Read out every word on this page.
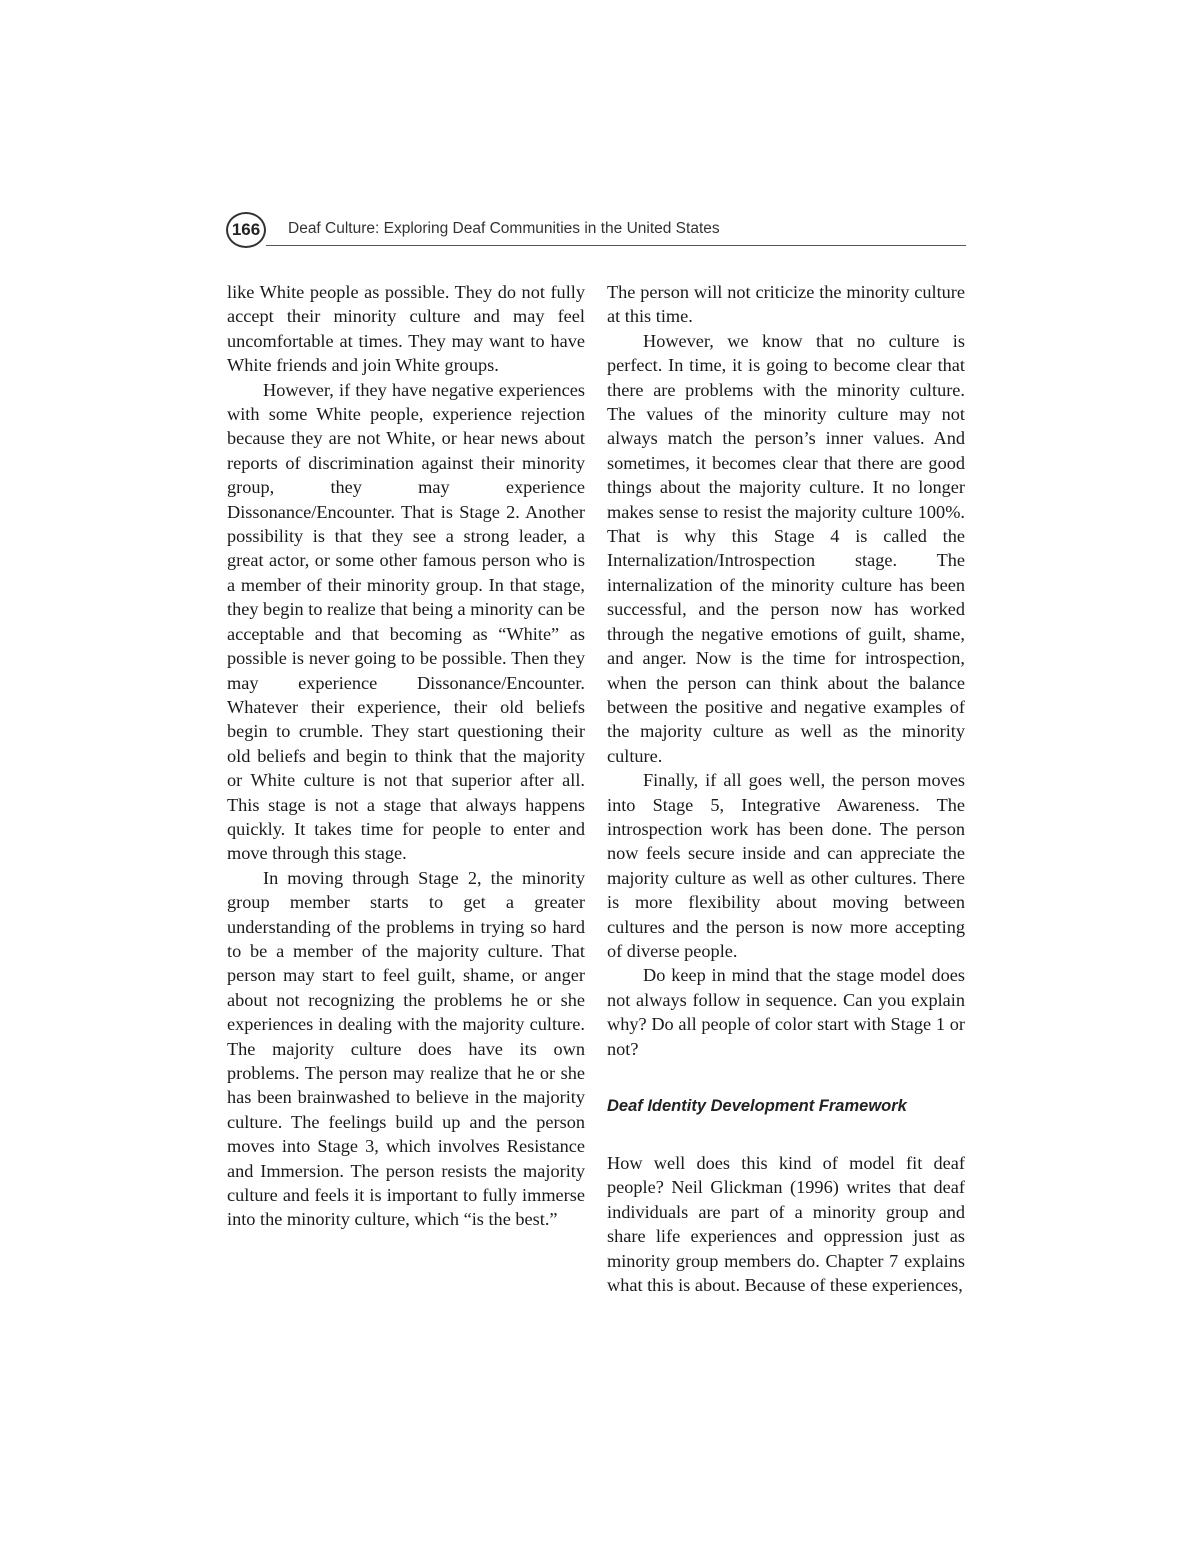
166	Deaf Culture: Exploring Deaf Communities in the United States

like White people as possible. They do not fully accept their minority culture and may feel uncomfortable at times. They may want to have White friends and join White groups.

However, if they have negative experiences with some White people, experience rejection because they are not White, or hear news about reports of discrimination against their minority group, they may experience Dissonance/Encounter. That is Stage 2. Another possibility is that they see a strong leader, a great actor, or some other famous person who is a member of their minority group. In that stage, they begin to realize that being a minority can be acceptable and that becoming as “White” as possible is never going to be possible. Then they may experience Dissonance/Encounter. Whatever their experience, their old beliefs begin to crumble. They start questioning their old beliefs and begin to think that the majority or White culture is not that superior after all. This stage is not a stage that always happens quickly. It takes time for people to enter and move through this stage.

In moving through Stage 2, the minority group member starts to get a greater understanding of the problems in trying so hard to be a member of the majority culture. That person may start to feel guilt, shame, or anger about not recognizing the problems he or she experiences in dealing with the majority culture. The majority culture does have its own problems. The person may realize that he or she has been brainwashed to believe in the majority culture. The feelings build up and the person moves into Stage 3, which involves Resistance and Immersion. The person resists the majority culture and feels it is important to fully immerse into the minority culture, which “is the best.”

The person will not criticize the minority culture at this time.

However, we know that no culture is perfect. In time, it is going to become clear that there are problems with the minority culture. The values of the minority culture may not always match the person’s inner values. And sometimes, it becomes clear that there are good things about the majority culture. It no longer makes sense to resist the majority culture 100%. That is why this Stage 4 is called the Internalization/Introspection stage. The internalization of the minority culture has been successful, and the person now has worked through the negative emotions of guilt, shame, and anger. Now is the time for introspection, when the person can think about the balance between the positive and negative examples of the majority culture as well as the minority culture.

Finally, if all goes well, the person moves into Stage 5, Integrative Awareness. The introspection work has been done. The person now feels secure inside and can appreciate the majority culture as well as other cultures. There is more flexibility about moving between cultures and the person is now more accepting of diverse people.

Do keep in mind that the stage model does not always follow in sequence. Can you explain why? Do all people of color start with Stage 1 or not?

Deaf Identity Development Framework

How well does this kind of model fit deaf people? Neil Glickman (1996) writes that deaf individuals are part of a minority group and share life experiences and oppression just as minority group members do. Chapter 7 explains what this is about. Because of these experiences,
